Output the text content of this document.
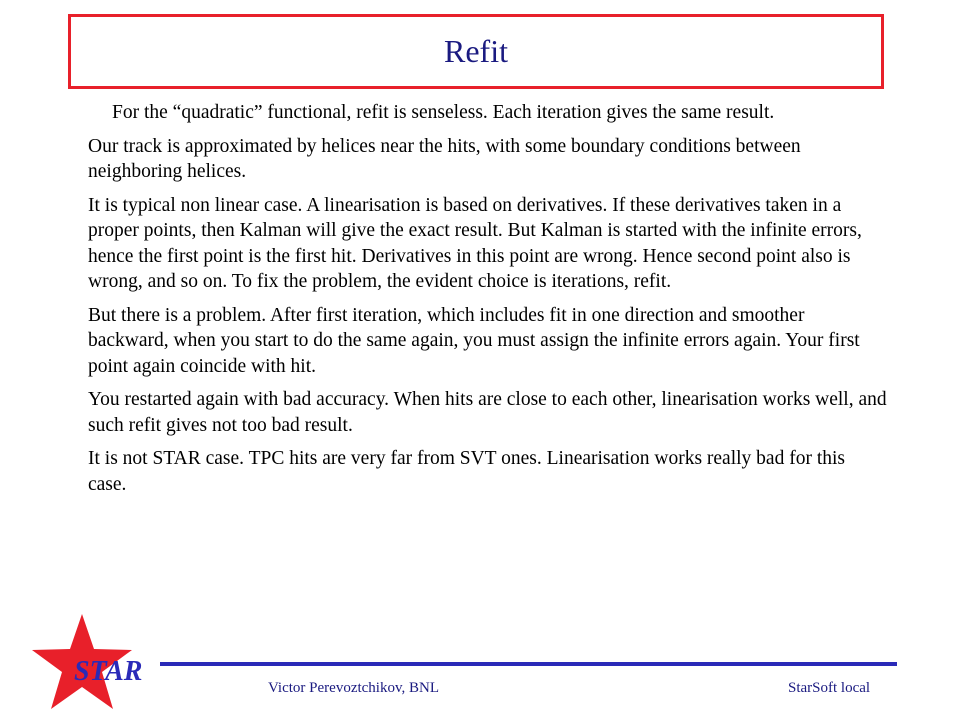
Refit

For the “quadratic” functional, refit is senseless. Each iteration gives the same result.

Our track is approximated by helices near the hits, with some boundary conditions between neighboring helices.

It is typical non linear case. A linearisation is based on derivatives. If these derivatives taken in a proper points, then Kalman will give the exact result. But Kalman is started with the infinite errors, hence the first point is the first hit. Derivatives in this point are wrong. Hence second point also is wrong, and so on. To fix the problem, the evident choice is iterations, refit.

But there is a problem. After first iteration, which includes fit in one direction and smoother backward, when you start to do the same again, you must assign the infinite errors again. Your first point again coincide with hit.

You restarted again with bad accuracy. When hits are close to each other, linearisation works well, and such refit gives not too bad result.

It is not STAR case. TPC hits are very far from SVT ones. Linearisation works really bad for this case.

STAR
Victor Perevoztchikov, BNL	StarSoft local
